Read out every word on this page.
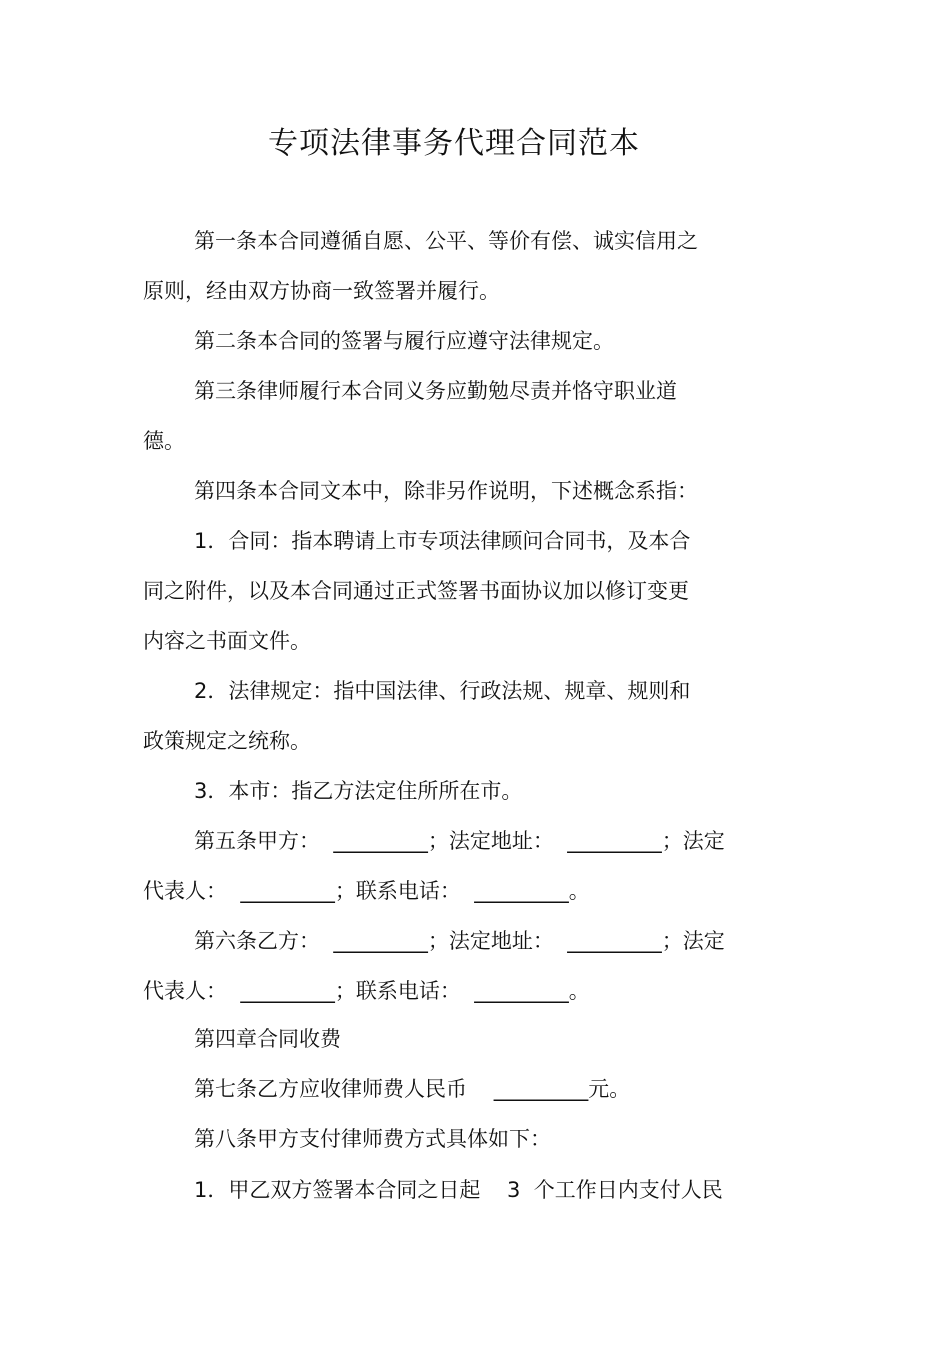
专项法律事务代理合同范本

第一条本合同遵循自愿、公平、等价有偿、诚实信用之

原则，经由双方协商一致签署并履行。

第二条本合同的签署与履行应遵守法律规定。

第三条律师履行本合同义务应勤勉尽责并恪守职业道

德。

第四条本合同文本中，除非另作说明，下述概念系指：

1．合同：指本聘请上市专项法律顾问合同书，及本合

同之附件，以及本合同通过正式签署书面协议加以修订变更

内容之书面文件。

2．法律规定：指中国法律、行政法规、规章、规则和

政策规定之统称。

3．本市：指乙方法定住所所在市。

第五条甲方：  _________；法定地址：  _________；法定

代表人：  _________；联系电话：  _________。

第六条乙方：  _________；法定地址：  _________；法定

代表人：  _________；联系电话：  _________。

第四章合同收费

第七条乙方应收律师费人民币    _________元。

第八条甲方支付律师费方式具体如下：

1．甲乙双方签署本合同之日起    3  个工作日内支付人民
